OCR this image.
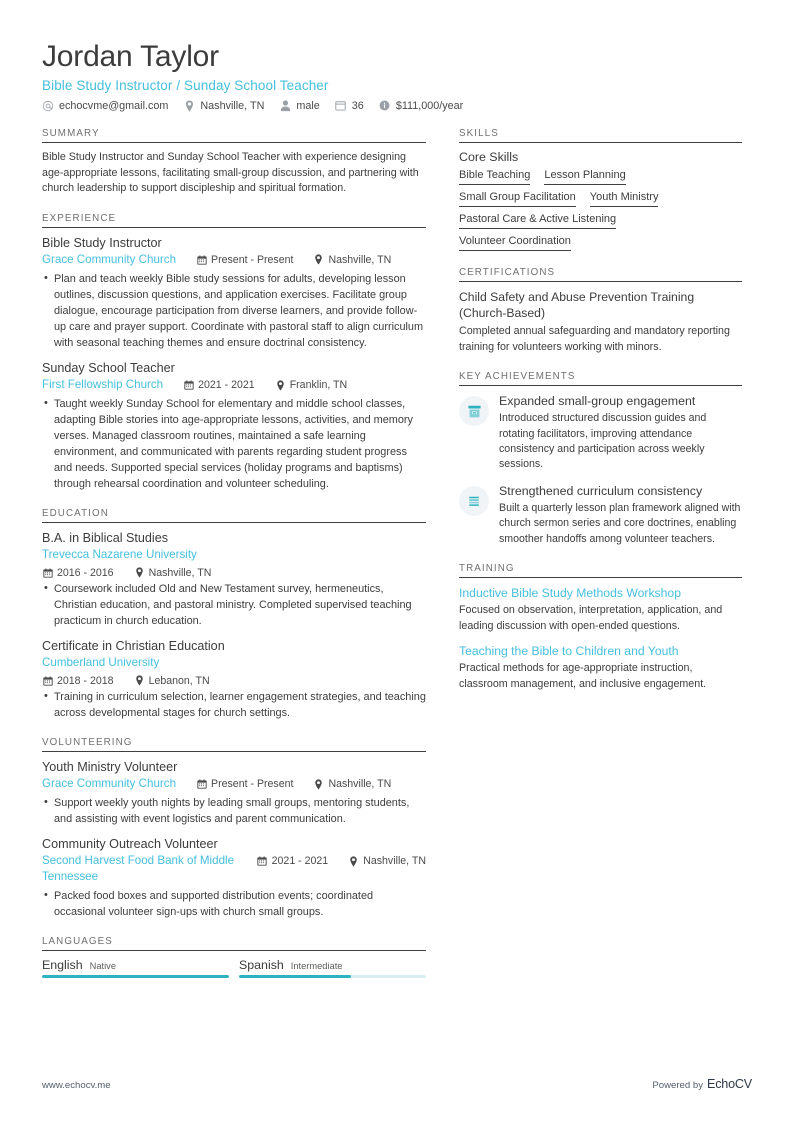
Jordan Taylor
Bible Study Instructor / Sunday School Teacher
echocvme@gmail.com	Nashville, TN	male	36	$111,000/year
SUMMARY
Bible Study Instructor and Sunday School Teacher with experience designing age-appropriate lessons, facilitating small-group discussion, and partnering with church leadership to support discipleship and spiritual formation.
EXPERIENCE
Bible Study Instructor
Grace Community Church	Present - Present	Nashville, TN
• Plan and teach weekly Bible study sessions for adults, developing lesson outlines, discussion questions, and application exercises. Facilitate group dialogue, encourage participation from diverse learners, and provide follow-up care and prayer support. Coordinate with pastoral staff to align curriculum with seasonal teaching themes and ensure doctrinal consistency.
Sunday School Teacher
First Fellowship Church	2021 - 2021	Franklin, TN
• Taught weekly Sunday School for elementary and middle school classes, adapting Bible stories into age-appropriate lessons, activities, and memory verses. Managed classroom routines, maintained a safe learning environment, and communicated with parents regarding student progress and needs. Supported special services (holiday programs and baptisms) through rehearsal coordination and volunteer scheduling.
EDUCATION
B.A. in Biblical Studies
Trevecca Nazarene University
2016 - 2016	Nashville, TN
• Coursework included Old and New Testament survey, hermeneutics, Christian education, and pastoral ministry. Completed supervised teaching practicum in church education.
Certificate in Christian Education
Cumberland University
2018 - 2018	Lebanon, TN
• Training in curriculum selection, learner engagement strategies, and teaching across developmental stages for church settings.
VOLUNTEERING
Youth Ministry Volunteer
Grace Community Church	Present - Present	Nashville, TN
• Support weekly youth nights by leading small groups, mentoring students, and assisting with event logistics and parent communication.
Community Outreach Volunteer
Second Harvest Food Bank of Middle Tennessee
2021 - 2021	Nashville, TN
• Packed food boxes and supported distribution events; coordinated occasional volunteer sign-ups with church small groups.
LANGUAGES
English Native	Spanish Intermediate
SKILLS
Core Skills
Bible Teaching Lesson Planning
Small Group Facilitation Youth Ministry
Pastoral Care & Active Listening
Volunteer Coordination
CERTIFICATIONS
Child Safety and Abuse Prevention Training (Church-Based)
Completed annual safeguarding and mandatory reporting training for volunteers working with minors.
KEY ACHIEVEMENTS
Expanded small-group engagement
Introduced structured discussion guides and rotating facilitators, improving attendance consistency and participation across weekly sessions.
Strengthened curriculum consistency
Built a quarterly lesson plan framework aligned with church sermon series and core doctrines, enabling smoother handoffs among volunteer teachers.
TRAINING
Inductive Bible Study Methods Workshop
Focused on observation, interpretation, application, and leading discussion with open-ended questions.
Teaching the Bible to Children and Youth
Practical methods for age-appropriate instruction, classroom management, and inclusive engagement.
www.echocv.me	Powered by EchoCV
